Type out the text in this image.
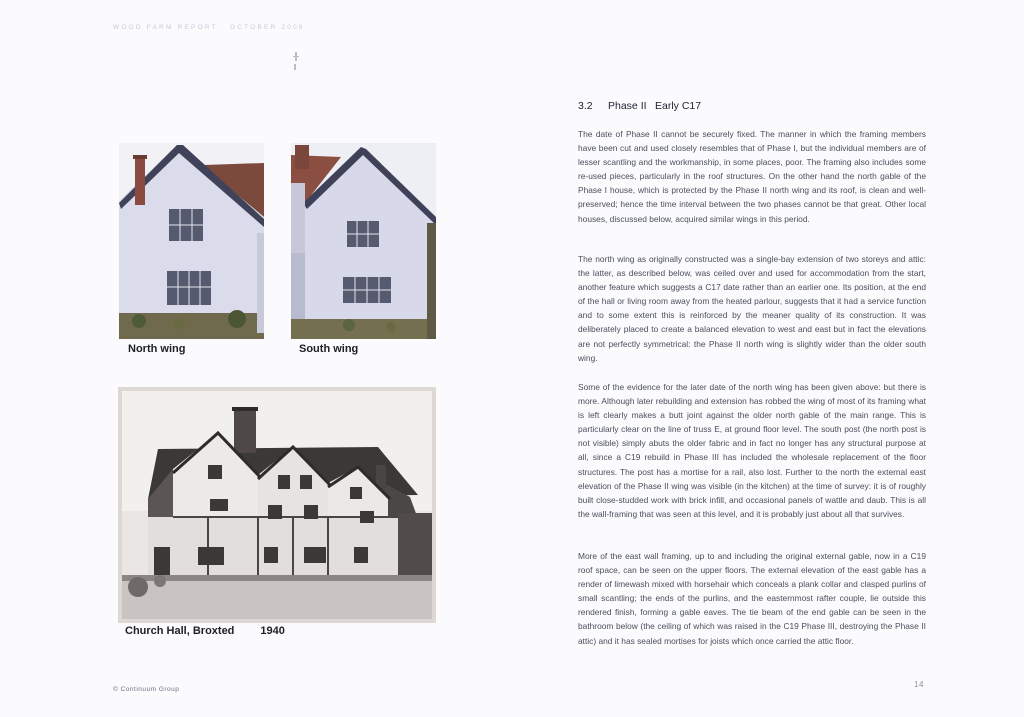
WOOD FARM REPORT · OCTOBER 2008
North wing	South wing
Church Hall, Broxted 1940
3.2 Phase II Early C17

The date of Phase II cannot be securely fixed. The manner in which the framing members have been cut and used closely resembles that of Phase I, but the individual members are of lesser scantling and the workmanship, in some places, poor. The framing also includes some re-used pieces, particularly in the roof structures. On the other hand the north gable of the Phase I house, which is protected by the Phase II north wing and its roof, is clean and well-preserved; hence the time interval between the two phases cannot be that great. Other local houses, discussed below, acquired similar wings in this period.

The north wing as originally constructed was a single-bay extension of two storeys and attic: the latter, as described below, was ceiled over and used for accommodation from the start, another feature which suggests a C17 date rather than an earlier one. Its position, at the end of the hall or living room away from the heated parlour, suggests that it had a service function and to some extent this is reinforced by the meaner quality of its construction. It was deliberately placed to create a balanced elevation to west and east but in fact the elevations are not perfectly symmetrical: the Phase II north wing is slightly wider than the older south wing.

Some of the evidence for the later date of the north wing has been given above: but there is more. Although later rebuilding and extension has robbed the wing of most of its framing what is left clearly makes a butt joint against the older north gable of the main range. This is particularly clear on the line of truss E, at ground floor level. The south post (the north post is not visible) simply abuts the older fabric and in fact no longer has any structural purpose at all, since a C19 rebuild in Phase III has included the wholesale replacement of the floor structures. The post has a mortise for a rail, also lost. Further to the north the external east elevation of the Phase II wing was visible (in the kitchen) at the time of survey: it is of roughly built close-studded work with brick infill, and occasional panels of wattle and daub. This is all the wall-framing that was seen at this level, and it is probably just about all that survives.

More of the east wall framing, up to and including the original external gable, now in a C19 roof space, can be seen on the upper floors. The external elevation of the east gable has a render of limewash mixed with horsehair which conceals a plank collar and clasped purlins of small scantling; the ends of the purlins, and the easternmost rafter couple, lie outside this rendered finish, forming a gable eaves. The tie beam of the end gable can be seen in the bathroom below (the ceiling of which was raised in the C19 Phase III, destroying the Phase II attic) and it has sealed mortises for joists which once carried the attic floor.

© Continuum Group
14
